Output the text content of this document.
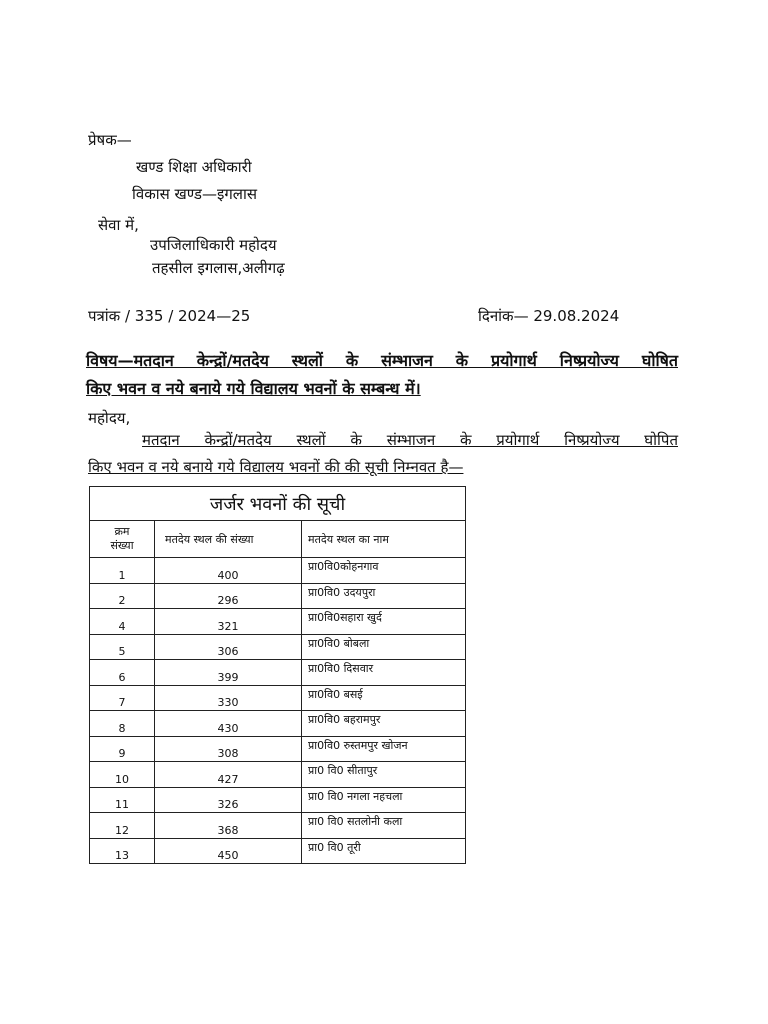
प्रेषक—
खण्ड शिक्षा अधिकारी
विकास खण्ड—इगलास
सेवा में,
उपजिलाधिकारी महोदय
तहसील इगलास,अलीगढ़
पत्रांक / 335 / 2024—25	दिनांक— 29.08.2024
विषय—मतदान केन्द्रों/मतदेय स्थलों के संम्भाजन के प्रयोगार्थ निष्प्रयोज्य घोषित
किए भवन व नये बनाये गये विद्यालय भवनों के सम्बन्ध में।
महोदय,
मतदान केन्द्रों/मतदेय स्थलों के संम्भाजन के प्रयोगार्थ निष्प्रयोज्य घोपित
किए भवन व नये बनाये गये विद्यालय भवनों की की सूची निम्नवत है—
जर्जर भवनों की सूची		
क्रम
संख्या	मतदेय स्थल की संख्या	मतदेय स्थल का नाम
1	400	प्रा0वि0कोहनगाव
2	296	प्रा0वि0 उदयपुरा
4	321	प्रा0वि0सहारा खुर्द
5	306	प्रा0वि0 बोबला
6	399	प्रा0वि0 दिसवार
7	330	प्रा0वि0 बसई
8	430	प्रा0वि0 बहरामपुर
9	308	प्रा0वि0 रुस्तमपुर खोजन
10	427	प्रा0 वि0 सीतापुर
11	326	प्रा0 वि0 नगला नहचला
12	368	प्रा0 वि0 सतलोनी कला
13	450	प्रा0 वि0 तूरी
